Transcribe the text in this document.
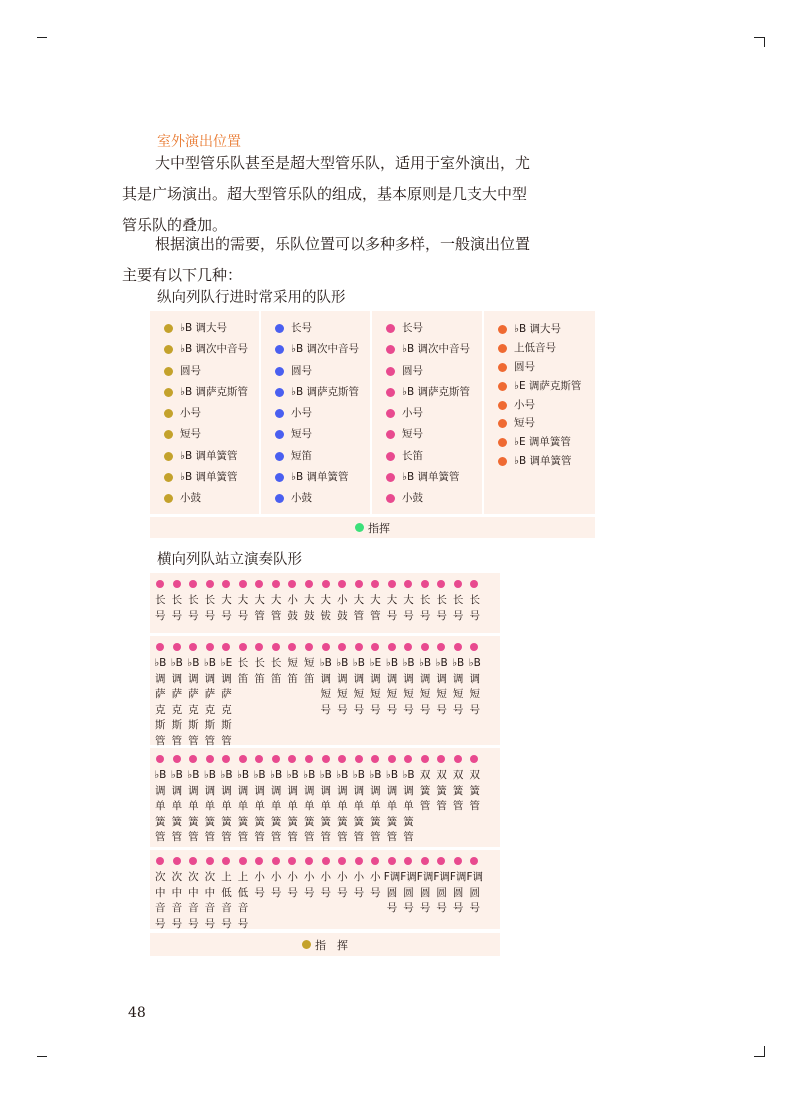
室外演出位置
大中型管乐队甚至是超大型管乐队，适用于室外演出，尤
其是广场演出。超大型管乐队的组成，基本原则是几支大中型
管乐队的叠加。
根据演出的需要，乐队位置可以多种多样，一般演出位置
主要有以下几种：
纵向列队行进时常采用的队形
♭B 调大号
♭B 调次中音号
圆号
♭B 调萨克斯管
小号
短号
♭B 调单簧管
♭B 调单簧管
小鼓
长号
♭B 调次中音号
圆号
♭B 调萨克斯管
小号
短号
短笛
♭B 调单簧管
小鼓
长号
♭B 调次中音号
圆号
♭B 调萨克斯管
小号
短号
长笛
♭B 调单簧管
小鼓
♭B 调大号
上低音号
圆号
♭E 调萨克斯管
小号
短号
♭E 调单簧管
♭B 调单簧管
指挥
横向列队站立演奏队形
长号
长号
长号
长号
大号
大号
大管
大管
小鼓
大鼓
大钹
小鼓
大管
大管
大号
大号
长号
长号
长号
长号
♭B调萨克斯管
♭B调萨克斯管
♭B调萨克斯管
♭B调萨克斯管
♭E调萨克斯管
长笛
长笛
长笛
短笛
短笛
♭B调短号
♭B调短号
♭B调短号
♭E调短号
♭B调短号
♭B调短号
♭B调短号
♭B调短号
♭B调短号
♭B调短号
♭B调单簧管
♭B调单簧管
♭B调单簧管
♭B调单簧管
♭B调单簧管
♭B调单簧管
♭B调单簧管
♭B调单簧管
♭B调单簧管
♭B调单簧管
♭B调单簧管
♭B调单簧管
♭B调单簧管
♭B调单簧管
♭B调单簧管
♭B调单簧管
双簧管
双簧管
双簧管
双簧管
次中音号
次中音号
次中音号
次中音号
上低音号
上低音号
小号
小号
小号
小号
小号
小号
小号
小号
F调圆号
F调圆号
F调圆号
F调圆号
F调圆号
F调圆号
指　挥
48
